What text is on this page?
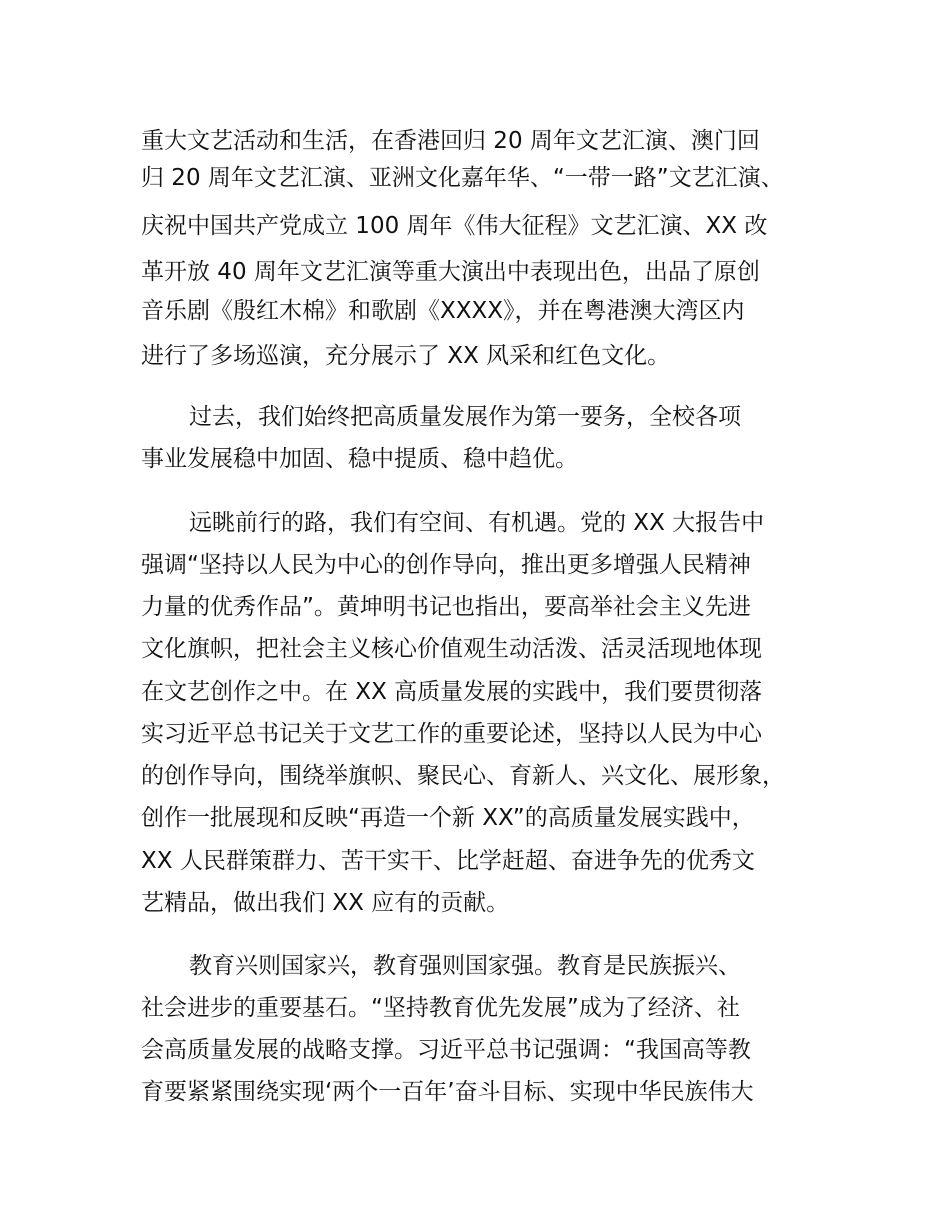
重大文艺活动和生活，在香港回归 20 周年文艺汇演、澳门回
归 20 周年文艺汇演、亚洲文化嘉年华、“一带一路”文艺汇演、
庆祝中国共产党成立 100 周年《伟大征程》文艺汇演、XX 改
革开放 40 周年文艺汇演等重大演出中表现出色，出品了原创
音乐剧《殷红木棉》和歌剧《XXXX》，并在粤港澳大湾区内
进行了多场巡演，充分展示了 XX 风采和红色文化。
过去，我们始终把高质量发展作为第一要务，全校各项
事业发展稳中加固、稳中提质、稳中趋优。
远眺前行的路，我们有空间、有机遇。党的 XX 大报告中
强调“坚持以人民为中心的创作导向，推出更多增强人民精神
力量的优秀作品”。黄坤明书记也指出，要高举社会主义先进
文化旗帜，把社会主义核心价值观生动活泼、活灵活现地体现
在文艺创作之中。在 XX 高质量发展的实践中，我们要贯彻落
实习近平总书记关于文艺工作的重要论述，坚持以人民为中心
的创作导向，围绕举旗帜、聚民心、育新人、兴文化、展形象，
创作一批展现和反映“再造一个新 XX”的高质量发展实践中，
XX 人民群策群力、苦干实干、比学赶超、奋进争先的优秀文
艺精品，做出我们 XX 应有的贡献。
教育兴则国家兴，教育强则国家强。教育是民族振兴、
社会进步的重要基石。“坚持教育优先发展”成为了经济、社
会高质量发展的战略支撑。习近平总书记强调：“我国高等教
育要紧紧围绕实现‘两个一百年’奋斗目标、实现中华民族伟大
